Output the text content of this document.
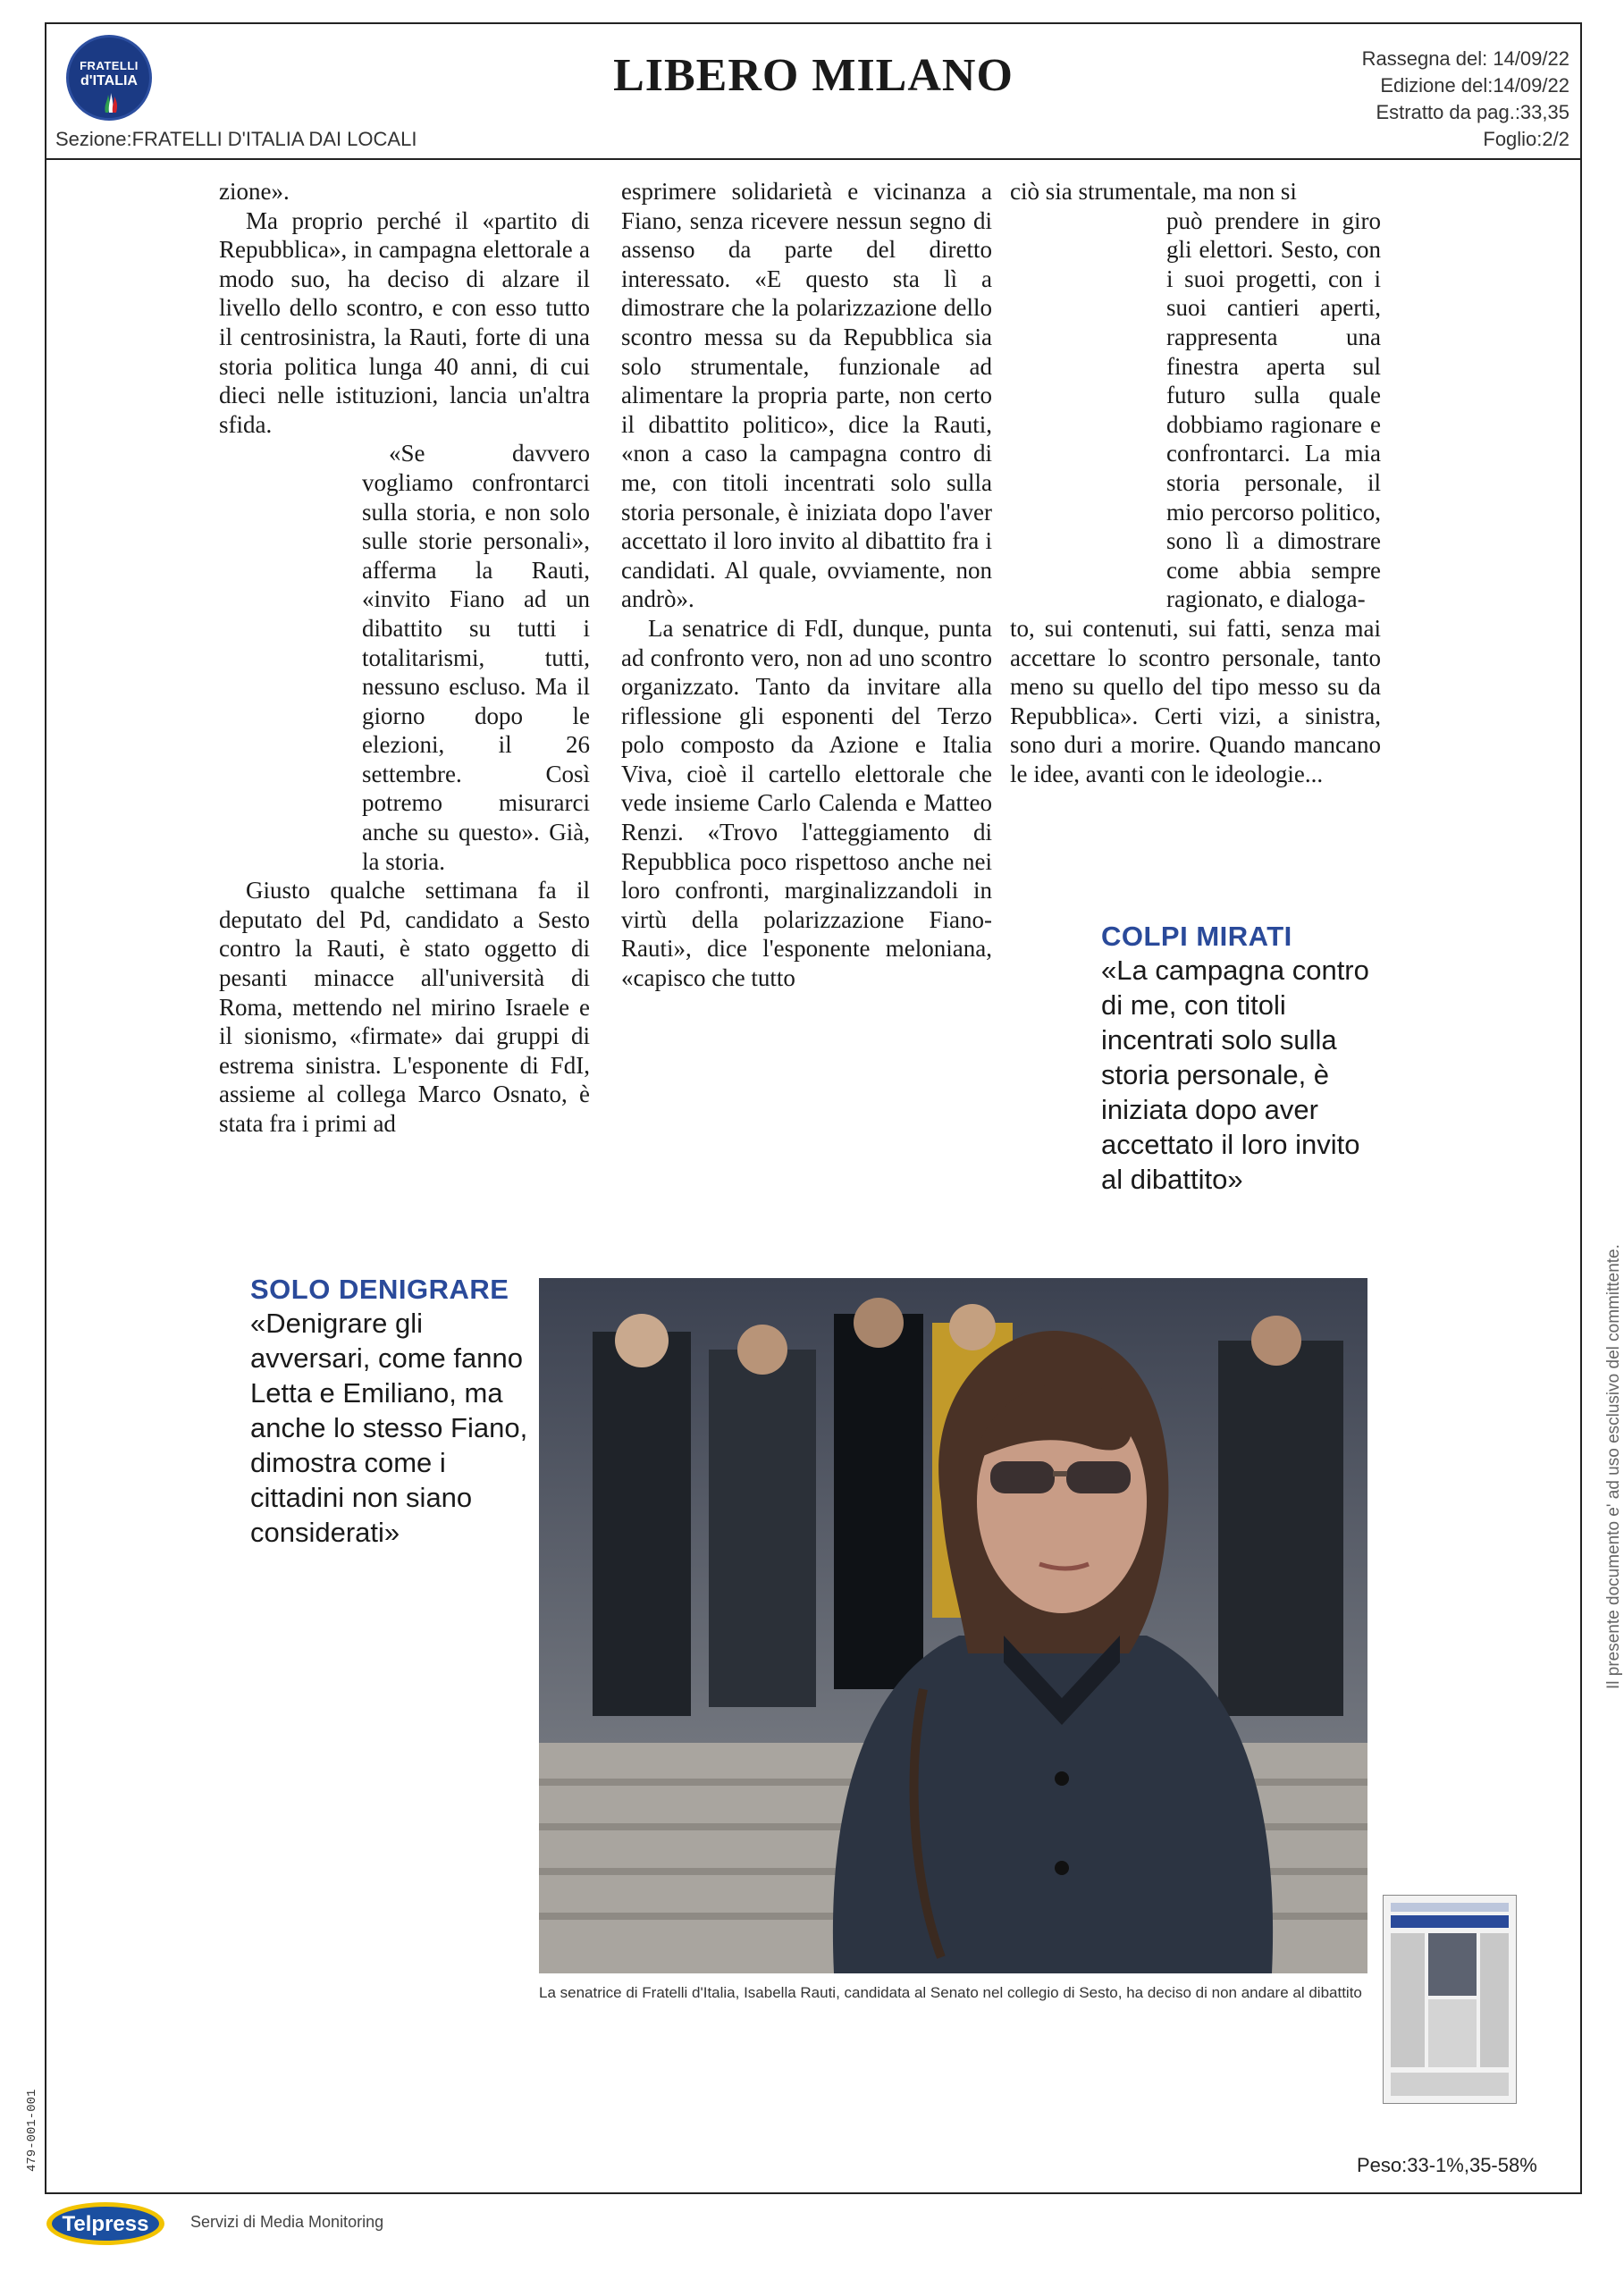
FRATELLI
d'ITALIA	LIBERO MILANO
Sezione:FRATELLI D'ITALIA DAI LOCALI
Rassegna del: 14/09/22
Edizione del:14/09/22
Estratto da pag.:33,35
Foglio:2/2

zione».

Ma proprio perché il «partito di Repubblica», in campagna elettorale a modo suo, ha deciso di alzare il livello dello scontro, e con esso tutto il centrosinistra, la Rauti, forte di una storia politica lunga 40 anni, di cui dieci nelle istituzioni, lancia un'altra sfida.

«Se davvero vogliamo confrontarci sulla storia, e non solo sulle storie personali», afferma la Rauti, «invito Fiano ad un dibattito su tutti i totalitarismi, tutti, nessuno escluso. Ma il giorno dopo le elezioni, il 26 settembre. Così potremo misurarci anche su questo». Già, la storia.

Giusto qualche settimana fa il deputato del Pd, candidato a Sesto contro la Rauti, è stato oggetto di pesanti minacce all'università di Roma, mettendo nel mirino Israele e il sionismo, «firmate» dai gruppi di estrema sinistra. L'esponente di FdI, assieme al collega Marco Osnato, è stata fra i primi ad

esprimere solidarietà e vicinanza a Fiano, senza ricevere nessun segno di assenso da parte del diretto interessato. «E questo sta lì a dimostrare che la polarizzazione dello scontro messa su da Repubblica sia solo strumentale, funzionale ad alimentare la propria parte, non certo il dibattito politico», dice la Rauti, «non a caso la campagna contro di me, con titoli incentrati solo sulla storia personale, è iniziata dopo l'aver accettato il loro invito al dibattito fra i candidati. Al quale, ovviamente, non andrò».

La senatrice di FdI, dunque, punta ad confronto vero, non ad uno scontro organizzato. Tanto da invitare alla riflessione gli esponenti del Terzo polo composto da Azione e Italia Viva, cioè il cartello elettorale che vede insieme Carlo Calenda e Matteo Renzi. «Trovo l'atteggiamento di Repubblica poco rispettoso anche nei loro confronti, marginalizzandoli in virtù della polarizzazione Fiano-Rauti», dice l'esponente meloniana, «capisco che tutto

ciò sia strumentale, ma non si

può prendere in giro gli elettori. Sesto, con i suoi progetti, con i suoi cantieri aperti, rappresenta una finestra aperta sul futuro sulla quale dobbiamo ragionare e confrontarci. La mia storia personale, il mio percorso politico, sono lì a dimostrare come abbia sempre ragionato, e dialoga-

to, sui contenuti, sui fatti, senza mai accettare lo scontro personale, tanto meno su quello del tipo messo su da Repubblica». Certi vizi, a sinistra, sono duri a morire. Quando mancano le idee, avanti con le ideologie...

COLPI MIRATI
«La campagna contro di me, con titoli incentrati solo sulla storia personale, è iniziata dopo aver accettato il loro invito al dibattito»
SOLO DENIGRARE
«Denigrare gli avversari, come fanno Letta e Emiliano, ma anche lo stesso Fiano, dimostra come i cittadini non siano considerati»
La senatrice di Fratelli d'Italia, Isabella Rauti, candidata al Senato nel collegio di Sesto, ha deciso di non andare al dibattito
Peso:33-1%,35-58%
Il presente documento e' ad uso esclusivo del committente.
479-001-001
Telpress	Servizi di Media Monitoring
